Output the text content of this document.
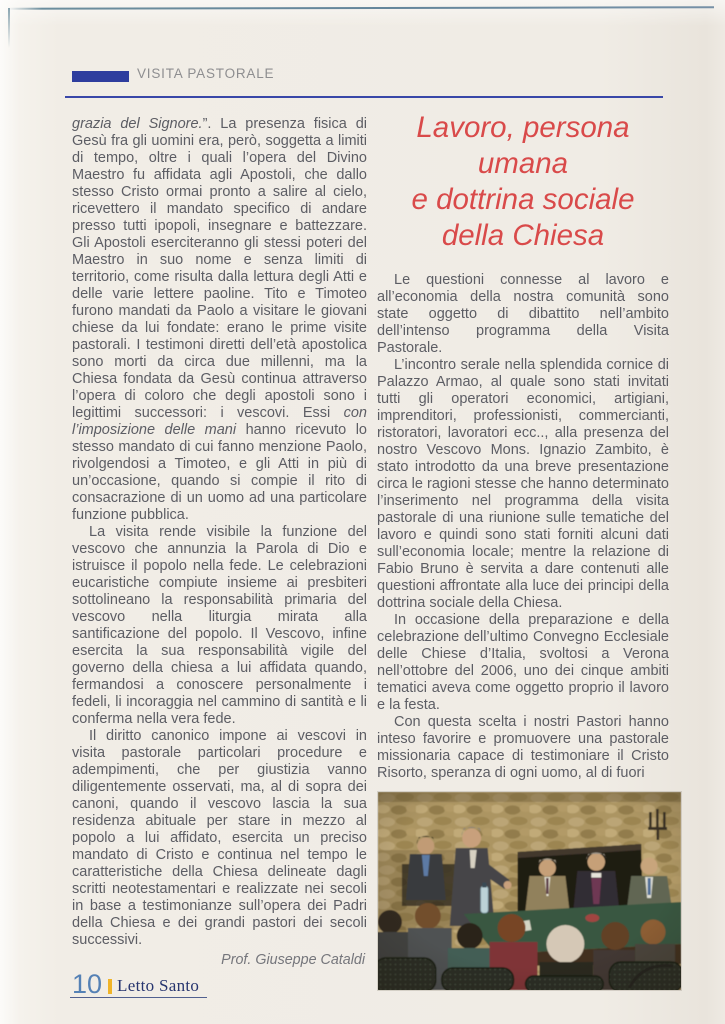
VISITA PASTORALE

grazia del Signore.”. La presenza fisica di Gesù fra gli uomini era, però, soggetta a limiti di tempo, oltre i quali l’opera del Divino Maestro fu affidata agli Apostoli, che dallo stesso Cristo ormai pronto a salire al cielo, ricevettero il mandato specifico di andare presso tutti ipopoli, insegnare e battezzare. Gli Apostoli eserciteranno gli stessi poteri del Maestro in suo nome e senza limiti di territorio, come risulta dalla lettura degli Atti e delle varie lettere paoline. Tito e Timoteo furono mandati da Paolo a visitare le giovani chiese da lui fondate: erano le prime visite pastorali. I testimoni diretti dell’età apostolica sono morti da circa due millenni, ma la Chiesa fondata da Gesù continua attraverso l’opera di coloro che degli apostoli sono i legittimi successori: i vescovi. Essi con l’imposizione delle mani hanno ricevuto lo stesso mandato di cui fanno menzione Paolo, rivolgendosi a Timoteo, e gli Atti in più di un’occasione, quando si compie il rito di consacrazione di un uomo ad una particolare funzione pubblica.

La visita rende visibile la funzione del vescovo che annunzia la Parola di Dio e istruisce il popolo nella fede. Le celebrazioni eucaristiche compiute insieme ai presbiteri sottolineano la responsabilità primaria del vescovo nella liturgia mirata alla santificazione del popolo. Il Vescovo, infine esercita la sua responsabilità vigile del governo della chiesa a lui affidata quando, fermandosi a conoscere personalmente i fedeli, li incoraggia nel cammino di santità e li conferma nella vera fede.

Il diritto canonico impone ai vescovi in visita pastorale particolari procedure e adempimenti, che per giustizia vanno diligentemente osservati, ma, al di sopra dei canoni, quando il vescovo lascia la sua residenza abituale per stare in mezzo al popolo a lui affidato, esercita un preciso mandato di Cristo e continua nel tempo le caratteristiche della Chiesa delineate dagli scritti neotestamentari e realizzate nei secoli in base a testimonianze sull’opera dei Padri della Chiesa e dei grandi pastori dei secoli successivi.

Prof. Giuseppe Cataldi

Lavoro, persona umana
e dottrina sociale
della Chiesa

Le questioni connesse al lavoro e all’economia della nostra comunità sono state oggetto di dibattito nell’ambito dell’intenso programma della Visita Pastorale.

L’incontro serale nella splendida cornice di Palazzo Armao, al quale sono stati invitati tutti gli operatori economici, artigiani, imprenditori, professionisti, commercianti, ristoratori, lavoratori ecc.., alla presenza del nostro Vescovo Mons. Ignazio Zambito, è stato introdotto da una breve presentazione circa le ragioni stesse che hanno determinato l’inserimento nel programma della visita pastorale di una riunione sulle tematiche del lavoro e quindi sono stati forniti alcuni dati sull’economia locale; mentre la relazione di Fabio Bruno è servita a dare contenuti alle questioni affrontate alla luce dei principi della dottrina sociale della Chiesa.

In occasione della preparazione e della celebrazione dell’ultimo Convegno Ecclesiale delle Chiese d’Italia, svoltosi a Verona nell’ottobre del 2006, uno dei cinque ambiti tematici aveva come oggetto proprio il lavoro e la festa.

Con questa scelta i nostri Pastori hanno inteso favorire e promuovere una pastorale missionaria capace di testimoniare il Cristo Risorto, speranza di ogni uomo, al di fuori

10 Letto Santo
